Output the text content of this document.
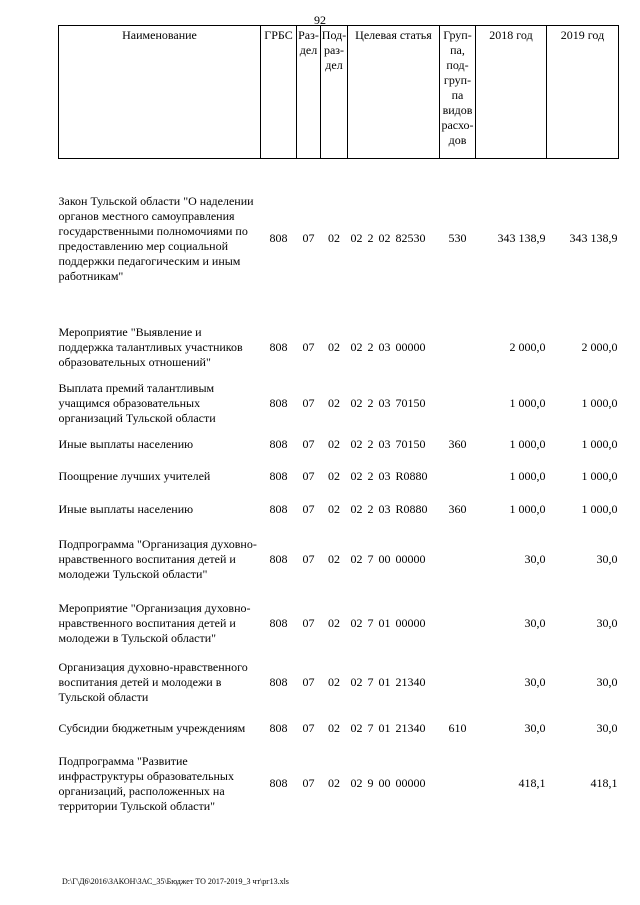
92
Наименование	ГРБС	Раз-дел	Под-раз-дел	Целевая статья	Груп-па, под-груп-па видов расхо-дов	2018 год	2019 год
Закон Тульской области "О наделении органов местного самоуправления государственными полномочиями по предоставлению мер социальной поддержки педагогическим и иным работникам"	808	07	02	02 2 02 82530	530	343 138,9	343 138,9
Мероприятие "Выявление и поддержка талантливых участников образовательных отношений"	808	07	02	02 2 03 00000		2 000,0	2 000,0
Выплата премий талантливым учащимся образовательных организаций Тульской области	808	07	02	02 2 03 70150		1 000,0	1 000,0
Иные выплаты населению	808	07	02	02 2 03 70150	360	1 000,0	1 000,0
Поощрение лучших учителей	808	07	02	02 2 03 R0880		1 000,0	1 000,0
Иные выплаты населению	808	07	02	02 2 03 R0880	360	1 000,0	1 000,0
Подпрограмма "Организация духовно-нравственного воспитания детей и молодежи Тульской области"	808	07	02	02 7 00 00000		30,0	30,0
Мероприятие "Организация духовно-нравственного воспитания детей и молодежи в Тульской области"	808	07	02	02 7 01 00000		30,0	30,0
Организация духовно-нравственного воспитания детей и молодежи в Тульской области	808	07	02	02 7 01 21340		30,0	30,0
Субсидии бюджетным учреждениям	808	07	02	02 7 01 21340	610	30,0	30,0
Подпрограмма "Развитие инфраструктуры образовательных организаций, расположенных на территории Тульской области"	808	07	02	02 9 00 00000		418,1	418,1
D:\Г\Д6\2016\ЗАКОН\ЗАС_35\Бюджет ТО 2017-2019_3 чт\рг13.xls
